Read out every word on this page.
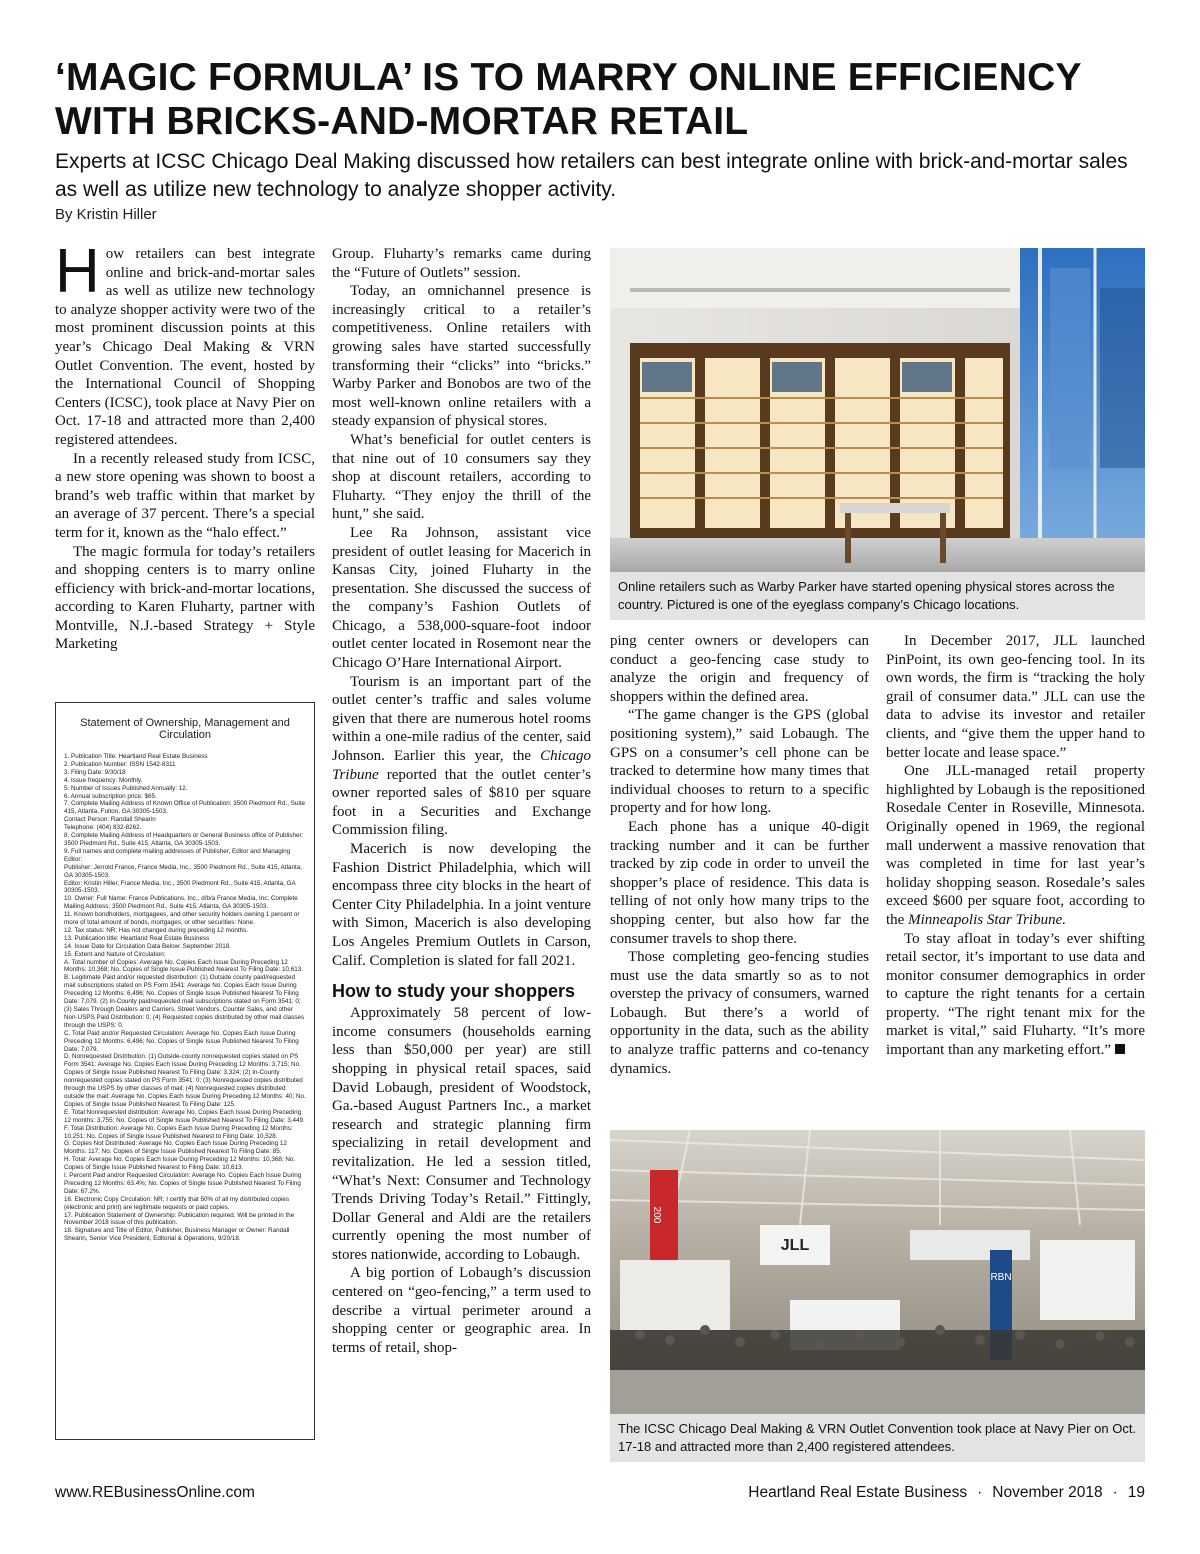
‘MAGIC FORMULA’ IS TO MARRY ONLINE EFFICIENCY WITH BRICKS-AND-MORTAR RETAIL
Experts at ICSC Chicago Deal Making discussed how retailers can best integrate online with brick-and-mortar sales as well as utilize new technology to analyze shopper activity.
By Kristin Hiller

How retailers can best integrate online and brick-and-mortar sales as well as utilize new technology to analyze shopper activity were two of the most prominent discussion points at this year’s Chicago Deal Making & VRN Outlet Convention. The event, hosted by the International Council of Shopping Centers (ICSC), took place at Navy Pier on Oct. 17-18 and attracted more than 2,400 registered attendees.

In a recently released study from ICSC, a new store opening was shown to boost a brand’s web traffic within that market by an average of 37 percent. There’s a special term for it, known as the “halo effect.”

The magic formula for today’s retailers and shopping centers is to marry online efficiency with brick-and-mortar locations, according to Karen Fluharty, partner with Montville, N.J.-based Strategy + Style Marketing

Statement of Ownership, Management and Circulation
1. Publication Title: Heartland Real Estate Business
2. Publication Number: ISSN 1542-8311
3. Filing Date: 9/30/18
4. Issue frequency: Monthly.
5. Number of Issues Published Annually: 12.
6. Annual subscription price: $65.
7. Complete Mailing Address of Known Office of Publication: 3500 Piedmont Rd., Suite 415, Atlanta, Fulton, GA 30305-1503.
Contact Person: Randall Shearin
Telephone: (404) 832-8262.
8. Complete Mailing Address of Headquarters or General Business office of Publisher: 3500 Piedmont Rd., Suite 415, Atlanta, GA 30305-1503.
9. Full names and complete mailing addresses of Publisher, Editor and Managing Editor:
Publisher: Jerrold France, France Media, Inc., 3500 Piedmont Rd., Suite 415, Atlanta, GA 30305-1503.
Editor: Kristin Hiller, France Media, Inc., 3500 Piedmont Rd., Suite 415, Atlanta, GA 30305-1503.
10. Owner: Full Name: France Publications, Inc., d/b/a France Media, Inc; Complete Mailing Address: 3500 Piedmont Rd., Suite 415, Atlanta, GA 30305-1503.
11. Known bondholders, mortgagees, and other security holders owning 1 percent or more of total amount of bonds, mortgages, or other securities: None.
12. Tax status: NR; Has not changed during preceding 12 months.
13. Publication title: Heartland Real Estate Business
14. Issue Date for Circulation Data Below: September 2018.
15. Extent and Nature of Circulation:
A. Total number of Copies: Average No. Copies Each Issue During Preceding 12 Months: 10,368; No. Copies of Single Issue Published Nearest To Filing Date: 10,613.
B. Legitimate Paid and/or requested distribution: (1) Outside county paid/requested mail subscriptions stated on PS Form 3541: Average No. Copies Each Issue During Preceding 12 Months: 6,496; No. Copies of Single Issue Published Nearest To Filing Date: 7,079. (2) In-County paid/requested mail subscriptions stated on Form 3541: 0; (3) Sales Through Dealers and Carriers, Street Vendors, Counter Sales, and other Non-USPS Paid Distribution: 0; (4) Requested copies distributed by other mail classes through the USPS: 0.
C. Total Paid and/or Requested Circulation: Average No. Copies Each Issue During Preceding 12 Months: 6,496; No. Copies of Single Issue Published Nearest To Filing Date: 7,079.
D. Nonrequested Distribution. (1) Outside-county nonrequested copies stated on PS Form 3541: Average No. Copies Each Issue During Preceding 12 Months: 3,715; No. Copies of Single Issue Published Nearest To Filing Date: 3,324; (2) In-County nonrequested copies stated on PS Form 3541: 0; (3) Nonrequested copies distributed through the USPS by other classes of mail: (4) Nonrequested copies distributed outside the mail: Average No. Copies Each Issue During Preceding 12 Months: 40; No. Copies of Single Issue Published Nearest To Filing Date: 125.
E. Total Nonrequested distribution: Average No. Copies Each Issue During Preceding 12 months: 3,755; No. Copies of Single Issue Published Nearest To Filing Date: 3,449.
F. Total Distribution: Average No. Copies Each Issue During Preceding 12 Months: 10,251; No. Copies of Single Issue Published Nearest to Filing Date: 10,528.
G. Copies Not Distributed: Average No. Copies Each Issue During Preceding 12 Months: 117; No. Copies of Single Issue Published Nearest To Filing Date: 85.
H. Total: Average No. Copies Each Issue During Preceding 12 Months: 10,368; No. Copies of Single Issue Published Nearest to Filing Date: 10,613.
I. Percent Paid and/or Requested Circulation: Average No. Copies Each Issue During Preceding 12 Months: 63.4%; No. Copies of Single Issue Published Nearest To Filing Date: 67.2%.
16. Electronic Copy Circulation: NR; I certify that 50% of all my distributed copies (electronic and print) are legitimate requests or paid copies.
17. Publication Statement of Ownership: Publication required. Will be printed in the November 2018 issue of this publication.
18. Signature and Title of Editor, Publisher, Business Manager or Owner: Randall Shearin, Senior Vice President, Editorial & Operations, 9/20/18.

Group. Fluharty’s remarks came during the “Future of Outlets” session.

Today, an omnichannel presence is increasingly critical to a retailer’s competitiveness. Online retailers with growing sales have started successfully transforming their “clicks” into “bricks.” Warby Parker and Bonobos are two of the most well-known online retailers with a steady expansion of physical stores.

What’s beneficial for outlet centers is that nine out of 10 consumers say they shop at discount retailers, according to Fluharty. “They enjoy the thrill of the hunt,” she said.

Lee Ra Johnson, assistant vice president of outlet leasing for Macerich in Kansas City, joined Fluharty in the presentation. She discussed the success of the company’s Fashion Outlets of Chicago, a 538,000-square-foot indoor outlet center located in Rosemont near the Chicago O’Hare International Airport.

Tourism is an important part of the outlet center’s traffic and sales volume given that there are numerous hotel rooms within a one-mile radius of the center, said Johnson. Earlier this year, the Chicago Tribune reported that the outlet center’s owner reported sales of $810 per square foot in a Securities and Exchange Commission filing.

Macerich is now developing the Fashion District Philadelphia, which will encompass three city blocks in the heart of Center City Philadelphia. In a joint venture with Simon, Macerich is also developing Los Angeles Premium Outlets in Carson, Calif. Completion is slated for fall 2021.

How to study your shoppers

Approximately 58 percent of low-income consumers (households earning less than $50,000 per year) are still shopping in physical retail spaces, said David Lobaugh, president of Woodstock, Ga.-based August Partners Inc., a market research and strategic planning firm specializing in retail development and revitalization. He led a session titled, “What’s Next: Consumer and Technology Trends Driving Today’s Retail.” Fittingly, Dollar General and Aldi are the retailers currently opening the most number of stores nationwide, according to Lobaugh.

A big portion of Lobaugh’s discussion centered on “geo-fencing,” a term used to describe a virtual perimeter around a shopping center or geographic area. In terms of retail, shop-

Online retailers such as Warby Parker have started opening physical stores across the country. Pictured is one of the eyeglass company’s Chicago locations.

ping center owners or developers can conduct a geo-fencing case study to analyze the origin and frequency of shoppers within the defined area.

“The game changer is the GPS (global positioning system),” said Lobaugh. The GPS on a consumer’s cell phone can be tracked to determine how many times that individual chooses to return to a specific property and for how long.

Each phone has a unique 40-digit tracking number and it can be further tracked by zip code in order to unveil the shopper’s place of residence. This data is telling of not only how many trips to the shopping center, but also how far the consumer travels to shop there.

Those completing geo-fencing studies must use the data smartly so as to not overstep the privacy of consumers, warned Lobaugh. But there’s a world of opportunity in the data, such as the ability to analyze traffic patterns and co-tenancy dynamics.

In December 2017, JLL launched PinPoint, its own geo-fencing tool. In its own words, the firm is “tracking the holy grail of consumer data.” JLL can use the data to advise its investor and retailer clients, and “give them the upper hand to better locate and lease space.”

One JLL-managed retail property highlighted by Lobaugh is the repositioned Rosedale Center in Roseville, Minnesota. Originally opened in 1969, the regional mall underwent a massive renovation that was completed in time for last year’s holiday shopping season. Rosedale’s sales exceed $600 per square foot, according to the Minneapolis Star Tribune.

To stay afloat in today’s ever shifting retail sector, it’s important to use data and monitor consumer demographics in order to capture the right tenants for a certain property. “The right tenant mix for the market is vital,” said Fluharty. “It’s more important than any marketing effort.”

200
JLL
RBN
The ICSC Chicago Deal Making & VRN Outlet Convention took place at Navy Pier on Oct. 17-18 and attracted more than 2,400 registered attendees.
www.REBusinessOnline.com	Heartland Real Estate Business · November 2018 · 19
